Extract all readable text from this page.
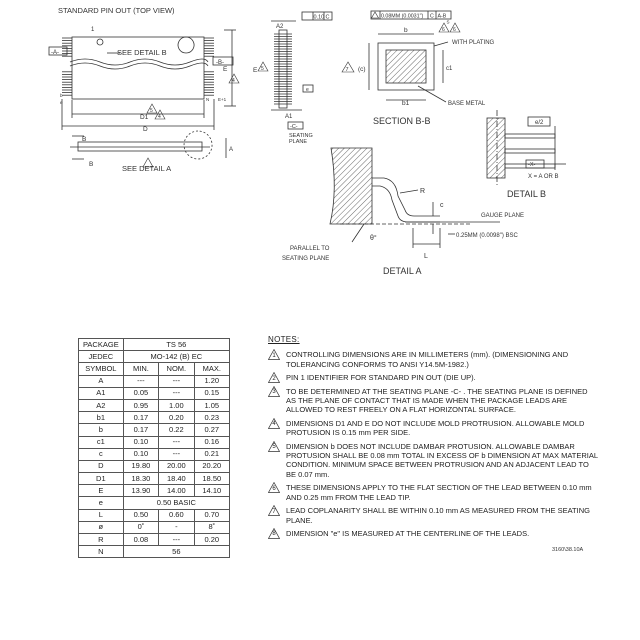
STANDARD PIN OUT (TOP VIEW)
1
SEE DETAIL B
-A-
-B-
E
4
D1 4
D
5
b
e
N E+1
B
B
A
SEE DETAIL A
A2
0.10 C
E 5
e
A1
-C-
SEATING
PLANE
0.08MM (0.0031") C A-B
S
b	6 6
7 (c)	c1
b1
WITH PLATING
BASE METAL
SECTION B-B	e/2
-X-
X = A OR B
DETAIL B
R
c
GAUGE PLANE
θ°
PARALLEL TO
SEATING PLANE
0.25MM (0.0098") BSC
L
DETAIL A
PACKAGE	TS 56		
JEDEC	MO-142 (B) EC		
SYMBOL	MIN.	NOM.	MAX.
A	---	---	1.20
A1	0.05	---	0.15
A2	0.95	1.00	1.05
b1	0.17	0.20	0.23
b	0.17	0.22	0.27
c1	0.10	---	0.16
c	0.10	---	0.21
D	19.80	20.00	20.20
D1	18.30	18.40	18.50
E	13.90	14.00	14.10
e	0.50 BASIC		
L	0.50	0.60	0.70
ø	0˚	-	8˚
R	0.08	---	0.20
N	56		
NOTES:
1	CONTROLLING DIMENSIONS ARE IN MILLIMETERS (mm). (DIMENSIONING AND TOLERANCING CONFORMS TO ANSI Y14.5M-1982.)
2	PIN 1 IDENTIFIER FOR STANDARD PIN OUT (DIE UP).
3	TO BE DETERMINED AT THE SEATING PLANE -C- . THE SEATING PLANE IS DEFINED AS THE PLANE OF CONTACT THAT IS MADE WHEN THE PACKAGE LEADS ARE ALLOWED TO REST FREELY ON A FLAT HORIZONTAL SURFACE.
4	DIMENSIONS D1 AND E DO NOT INCLUDE MOLD PROTRUSION. ALLOWABLE MOLD PROTUSION IS 0.15 mm PER SIDE.
5	DIMENSION b DOES NOT INCLUDE DAMBAR PROTUSION. ALLOWABLE DAMBAR PROTUSION SHALL BE 0.08 mm TOTAL IN EXCESS OF b DIMENSION AT MAX MATERIAL CONDITION. MINIMUM SPACE BETWEEN PROTRUSION AND AN ADJACENT LEAD TO BE 0.07 mm.
6	THESE DIMENSIONS APPLY TO THE FLAT SECTION OF THE LEAD BETWEEN 0.10 mm AND 0.25 mm FROM THE LEAD TIP.
7	LEAD COPLANARITY SHALL BE WITHIN 0.10 mm AS MEASURED FROM THE SEATING PLANE.
8	DIMENSION "e" IS MEASURED AT THE CENTERLINE OF THE LEADS.
3160\38.10A
